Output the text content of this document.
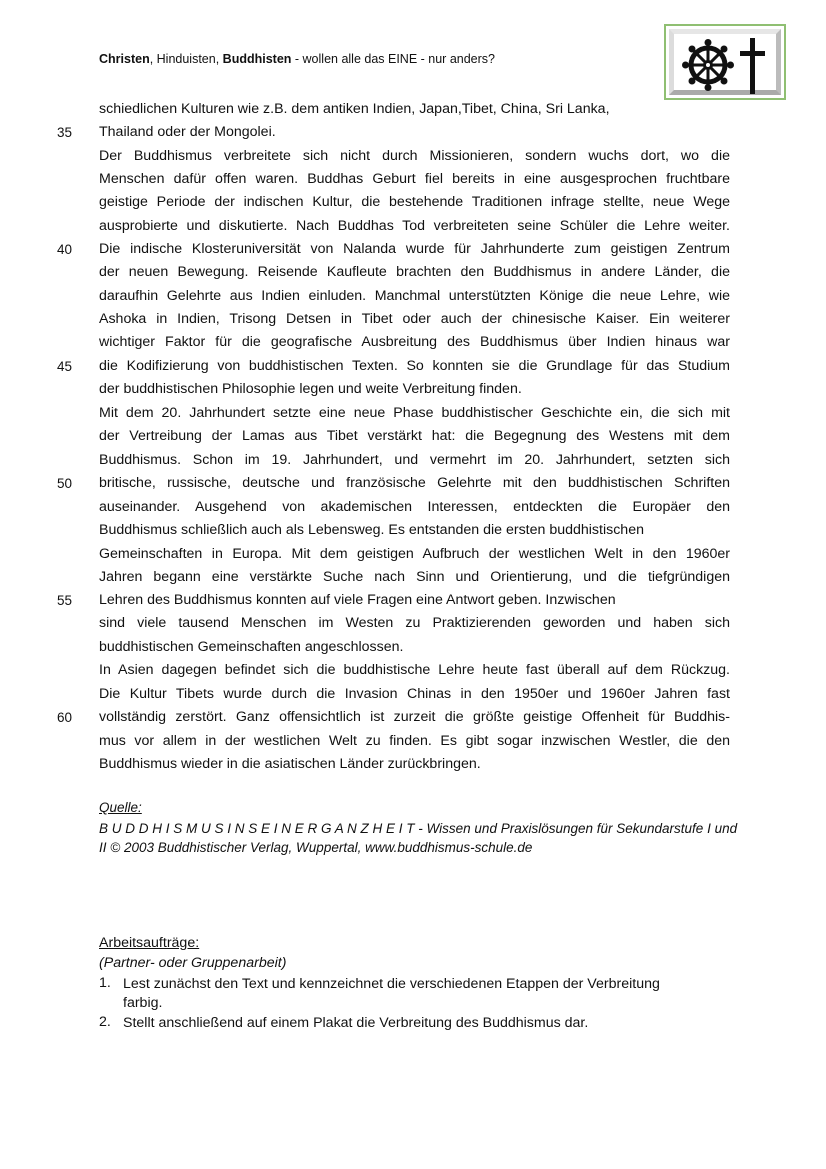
Christen, Hinduisten, Buddhisten - wollen alle das EINE - nur anders?
schiedlichen Kulturen wie z.B. dem antiken Indien, Japan,Tibet, China, Sri Lanka,
Thailand oder der Mongolei.
Der Buddhismus verbreitete sich nicht durch Missionieren, sondern wuchs dort, wo die
Menschen dafür offen waren. Buddhas Geburt fiel bereits in eine ausgesprochen fruchtbare
geistige Periode der indischen Kultur, die bestehende Traditionen infrage stellte, neue Wege
ausprobierte und diskutierte. Nach Buddhas Tod verbreiteten seine Schüler die Lehre weiter.
Die indische Klosteruniversität von Nalanda wurde für Jahrhunderte zum geistigen Zentrum
der neuen Bewegung. Reisende Kaufleute brachten den Buddhismus in andere Länder, die
daraufhin Gelehrte aus Indien einluden. Manchmal unterstützten Könige die neue Lehre, wie
Ashoka in Indien, Trisong Detsen in Tibet oder auch der chinesische Kaiser. Ein weiterer
wichtiger Faktor für die geografische Ausbreitung des Buddhismus über Indien hinaus war
die Kodifizierung von buddhistischen Texten. So konnten sie die Grundlage für das Studium
der buddhistischen Philosophie legen und weite Verbreitung finden.
Mit dem 20. Jahrhundert setzte eine neue Phase buddhistischer Geschichte ein, die sich mit
der Vertreibung der Lamas aus Tibet verstärkt hat: die Begegnung des Westens mit dem
Buddhismus. Schon im 19. Jahrhundert, und vermehrt im 20. Jahrhundert, setzten sich
britische, russische, deutsche und französische Gelehrte mit den buddhistischen Schriften
auseinander. Ausgehend von akademischen Interessen, entdeckten die Europäer den
Buddhismus schließlich auch als Lebensweg. Es entstanden die ersten buddhistischen
Gemeinschaften in Europa. Mit dem geistigen Aufbruch der westlichen Welt in den 1960er
Jahren begann eine verstärkte Suche nach Sinn und Orientierung, und die tiefgründigen
Lehren des Buddhismus konnten auf viele Fragen eine Antwort geben. Inzwischen
sind viele tausend Menschen im Westen zu Praktizierenden geworden und haben sich
buddhistischen Gemeinschaften angeschlossen.
In Asien dagegen befindet sich die buddhistische Lehre heute fast überall auf dem Rückzug.
Die Kultur Tibets wurde durch die Invasion Chinas in den 1950er und 1960er Jahren fast
vollständig zerstört. Ganz offensichtlich ist zurzeit die größte geistige Offenheit für Buddhis-
mus vor allem in der westlichen Welt zu finden. Es gibt sogar inzwischen Westler, die den
Buddhismus wieder in die asiatischen Länder zurückbringen.
35
40
45
50
55
60
Quelle:
B U D D H I S M U S I N S E I N E R G A N Z H E I T - Wissen und Praxislösungen für Sekundarstufe I und
II © 2003 Buddhistischer Verlag, Wuppertal, www.buddhismus-schule.de
Arbeitsaufträge:
(Partner- oder Gruppenarbeit)
1. Lest zunächst den Text und kennzeichnet die verschiedenen Etappen der Verbreitung
farbig.
2. Stellt anschließend auf einem Plakat die Verbreitung des Buddhismus dar.
